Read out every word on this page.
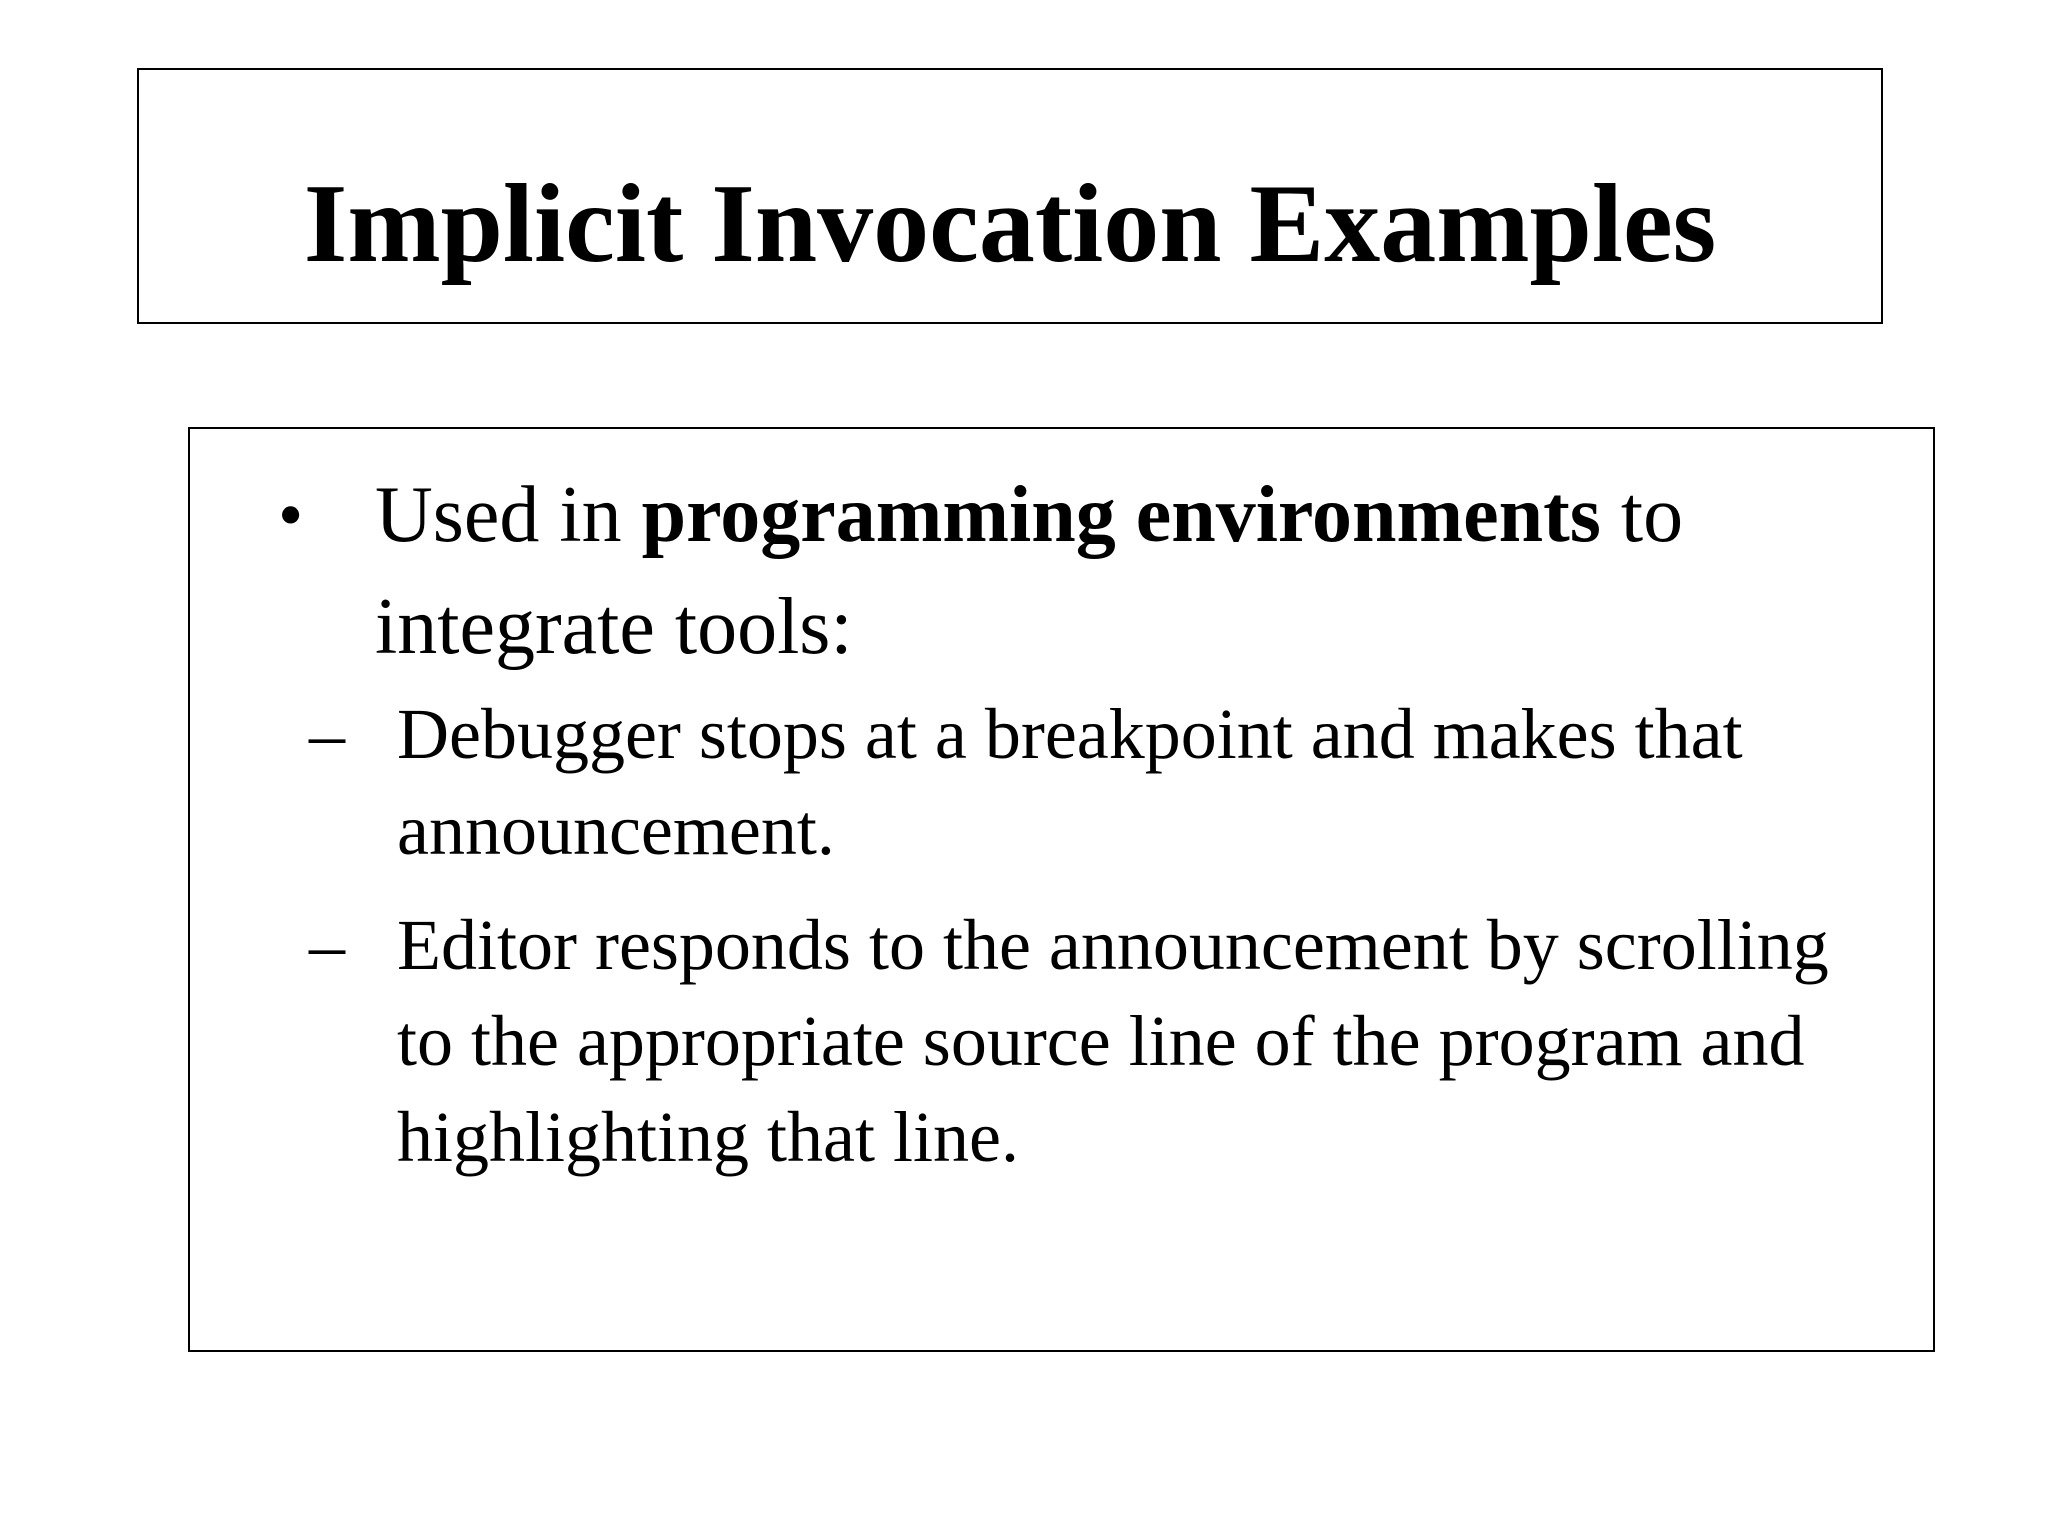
Implicit Invocation Examples
• Used in programming environments to integrate tools:
– Debugger stops at a breakpoint and makes that announcement.
– Editor responds to the announcement by scrolling to the appropriate source line of the program and highlighting that line.
